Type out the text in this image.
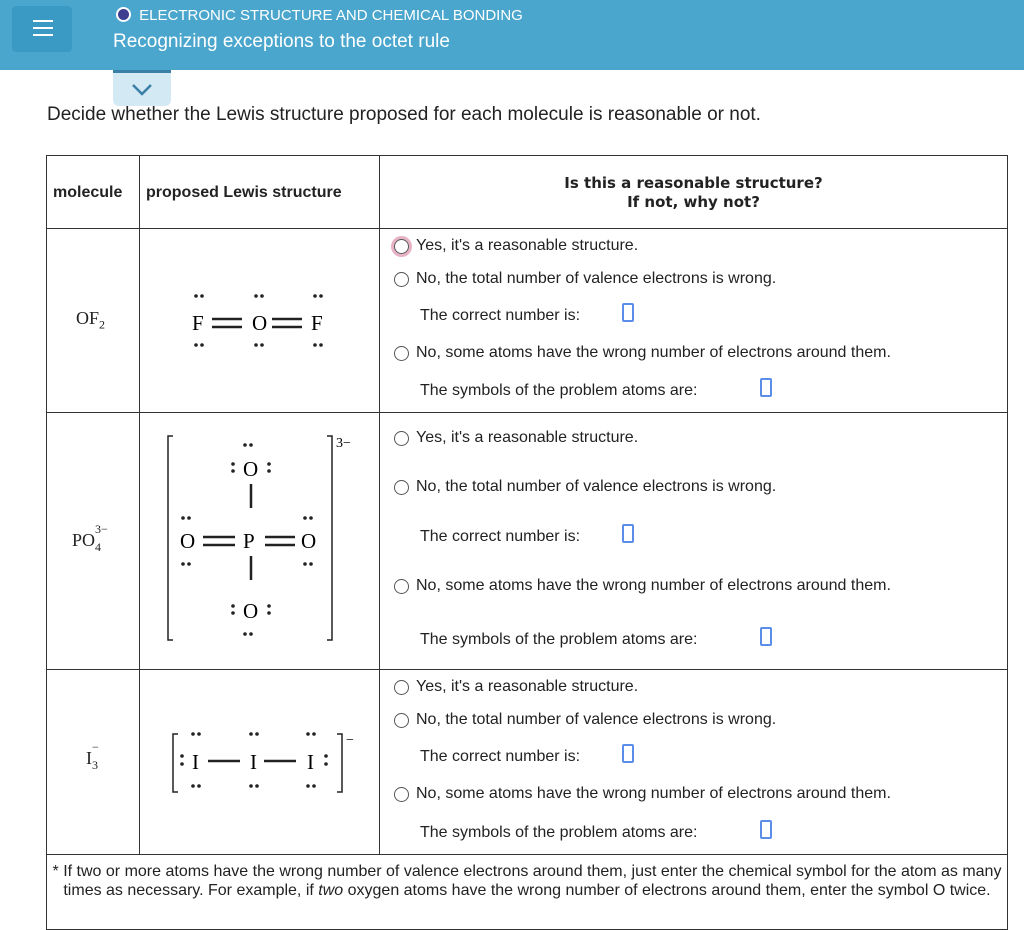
ELECTRONIC STRUCTURE AND CHEMICAL BONDING
Recognizing exceptions to the octet rule
Decide whether the Lewis structure proposed for each molecule is reasonable or not.
molecule proposed Lewis structure
Is this a reasonable structure?
If not, why not?
$OF_2$
PO
3−
4
I
−
3
F O F
3−
O
P
O	O
O
−
I I I
Yes, it's a reasonable structure.
No, the total number of valence electrons is wrong.
The correct number is:
No, some atoms have the wrong number of electrons around them.
The symbols of the problem atoms are:
Yes, it's a reasonable structure.
No, the total number of valence electrons is wrong.
The correct number is:
No, some atoms have the wrong number of electrons around them.
The symbols of the problem atoms are:
Yes, it's a reasonable structure.
No, the total number of valence electrons is wrong.
The correct number is:
No, some atoms have the wrong number of electrons around them.
The symbols of the problem atoms are:
* If two or more atoms have the wrong number of valence electrons around them, just enter the chemical symbol for the atom as many times as necessary. For example, if two oxygen atoms have the wrong number of electrons around them, enter the symbol O twice.
